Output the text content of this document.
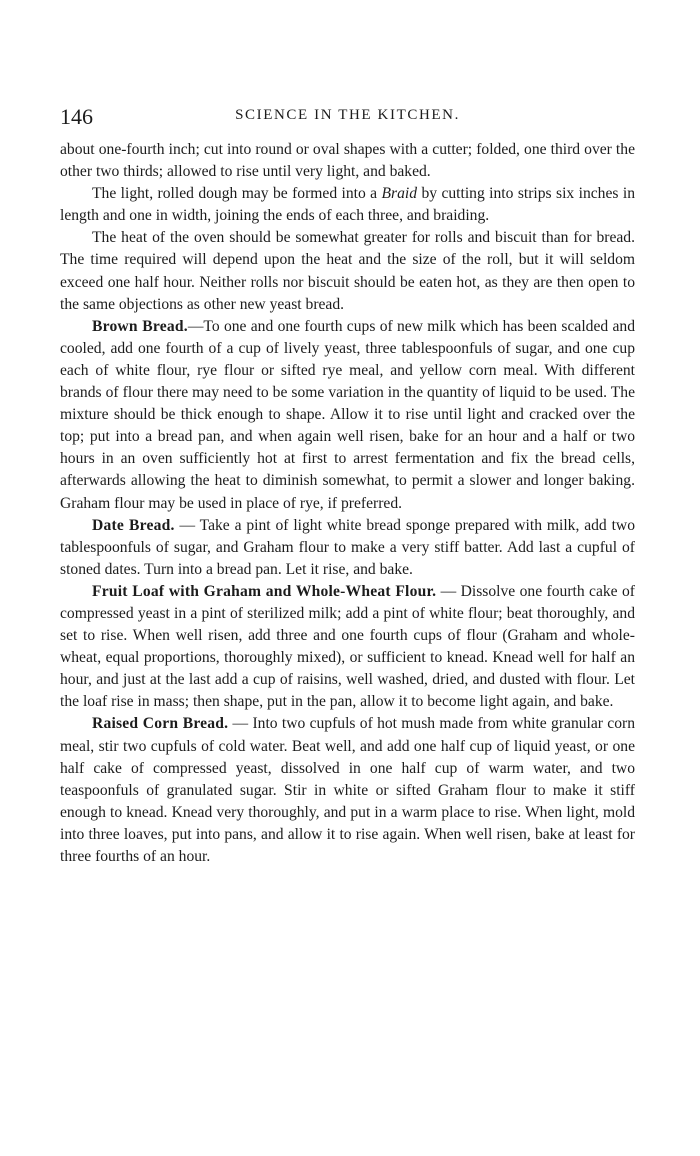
146	SCIENCE IN THE KITCHEN.

about one-fourth inch; cut into round or oval shapes with a cutter; folded, one third over the other two thirds; allowed to rise until very light, and baked.

The light, rolled dough may be formed into a Braid by cutting into strips six inches in length and one in width, joining the ends of each three, and braiding.

The heat of the oven should be somewhat greater for rolls and biscuit than for bread. The time required will depend upon the heat and the size of the roll, but it will seldom exceed one half hour. Neither rolls nor biscuit should be eaten hot, as they are then open to the same objections as other new yeast bread.

Brown Bread.—To one and one fourth cups of new milk which has been scalded and cooled, add one fourth of a cup of lively yeast, three tablespoonfuls of sugar, and one cup each of white flour, rye flour or sifted rye meal, and yellow corn meal. With different brands of flour there may need to be some variation in the quantity of liquid to be used. The mixture should be thick enough to shape. Allow it to rise until light and cracked over the top; put into a bread pan, and when again well risen, bake for an hour and a half or two hours in an oven sufficiently hot at first to arrest fermentation and fix the bread cells, afterwards allowing the heat to diminish somewhat, to permit a slower and longer baking. Graham flour may be used in place of rye, if preferred.

Date Bread. — Take a pint of light white bread sponge prepared with milk, add two tablespoonfuls of sugar, and Graham flour to make a very stiff batter. Add last a cupful of stoned dates. Turn into a bread pan. Let it rise, and bake.

Fruit Loaf with Graham and Whole-Wheat Flour. — Dissolve one fourth cake of compressed yeast in a pint of sterilized milk; add a pint of white flour; beat thoroughly, and set to rise. When well risen, add three and one fourth cups of flour (Graham and whole-wheat, equal proportions, thoroughly mixed), or sufficient to knead. Knead well for half an hour, and just at the last add a cup of raisins, well washed, dried, and dusted with flour. Let the loaf rise in mass; then shape, put in the pan, allow it to become light again, and bake.

Raised Corn Bread. — Into two cupfuls of hot mush made from white granular corn meal, stir two cupfuls of cold water. Beat well, and add one half cup of liquid yeast, or one half cake of compressed yeast, dissolved in one half cup of warm water, and two teaspoonfuls of granulated sugar. Stir in white or sifted Graham flour to make it stiff enough to knead. Knead very thoroughly, and put in a warm place to rise. When light, mold into three loaves, put into pans, and allow it to rise again. When well risen, bake at least for three fourths of an hour.
